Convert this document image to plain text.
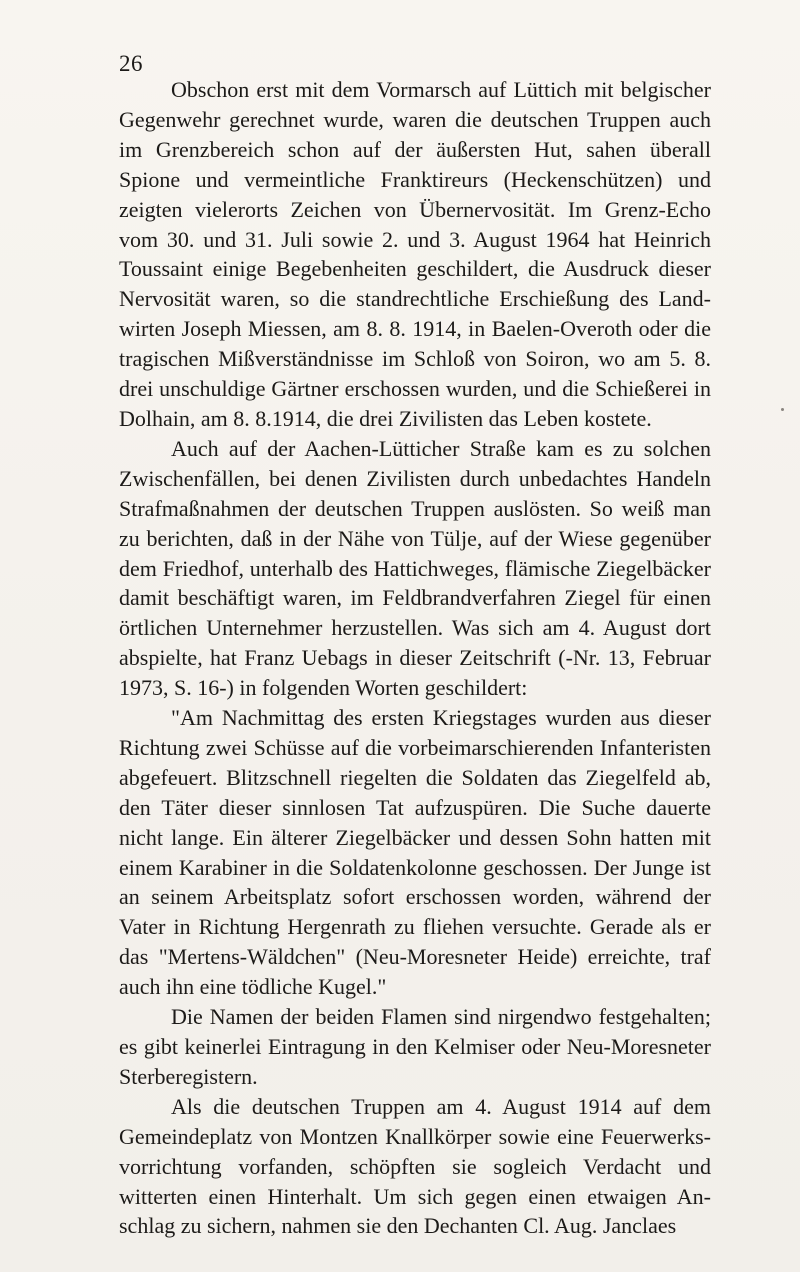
26

Obschon erst mit dem Vormarsch auf Lüttich mit belgischer Gegenwehr gerechnet wurde, waren die deutschen Truppen auch im Grenzbereich schon auf der äußersten Hut, sahen überall Spione und vermeintliche Franktireurs (Heckenschützen) und zeigten vielerorts Zeichen von Übernervosität. Im Grenz-Echo vom 30. und 31. Juli sowie 2. und 3. August 1964 hat Heinrich Toussaint einige Begebenheiten geschildert, die Ausdruck dieser Nervosität waren, so die standrechtliche Erschießung des Landwirten Joseph Miessen, am 8. 8. 1914, in Baelen-Overoth oder die tragischen Mißverständnisse im Schloß von Soiron, wo am 5. 8. drei unschuldige Gärtner erschossen wurden, und die Schießerei in Dolhain, am 8. 8.1914, die drei Zivilisten das Leben kostete.

Auch auf der Aachen-Lütticher Straße kam es zu solchen Zwischenfällen, bei denen Zivilisten durch unbedachtes Handeln Strafmaßnahmen der deutschen Truppen auslösten. So weiß man zu berichten, daß in der Nähe von Tülje, auf der Wiese gegenüber dem Friedhof, unterhalb des Hattichweges, flämische Ziegelbäcker damit beschäftigt waren, im Feldbrandverfahren Ziegel für einen örtlichen Unternehmer herzustellen. Was sich am 4. August dort abspielte, hat Franz Uebags in dieser Zeitschrift (-Nr. 13, Februar 1973, S. 16-) in folgenden Worten geschildert:

"Am Nachmittag des ersten Kriegstages wurden aus dieser Richtung zwei Schüsse auf die vorbeimarschierenden Infanteristen abgefeuert. Blitzschnell riegelten die Soldaten das Ziegelfeld ab, den Täter dieser sinnlosen Tat aufzuspüren. Die Suche dauerte nicht lange. Ein älterer Ziegelbäcker und dessen Sohn hatten mit einem Karabiner in die Soldatenkolonne geschossen. Der Junge ist an seinem Arbeitsplatz sofort erschossen worden, während der Vater in Richtung Hergenrath zu fliehen versuchte. Gerade als er das "Mertens-Wäldchen" (Neu-Moresneter Heide) erreichte, traf auch ihn eine tödliche Kugel."

Die Namen der beiden Flamen sind nirgendwo festgehalten; es gibt keinerlei Eintragung in den Kelmiser oder Neu-Moresneter Sterberegistern.

Als die deutschen Truppen am 4. August 1914 auf dem Gemeindeplatz von Montzen Knallkörper sowie eine Feuerwerksvorrichtung vorfanden, schöpften sie sogleich Verdacht und witterten einen Hinterhalt. Um sich gegen einen etwaigen Anschlag zu sichern, nahmen sie den Dechanten Cl. Aug. Janclaes
